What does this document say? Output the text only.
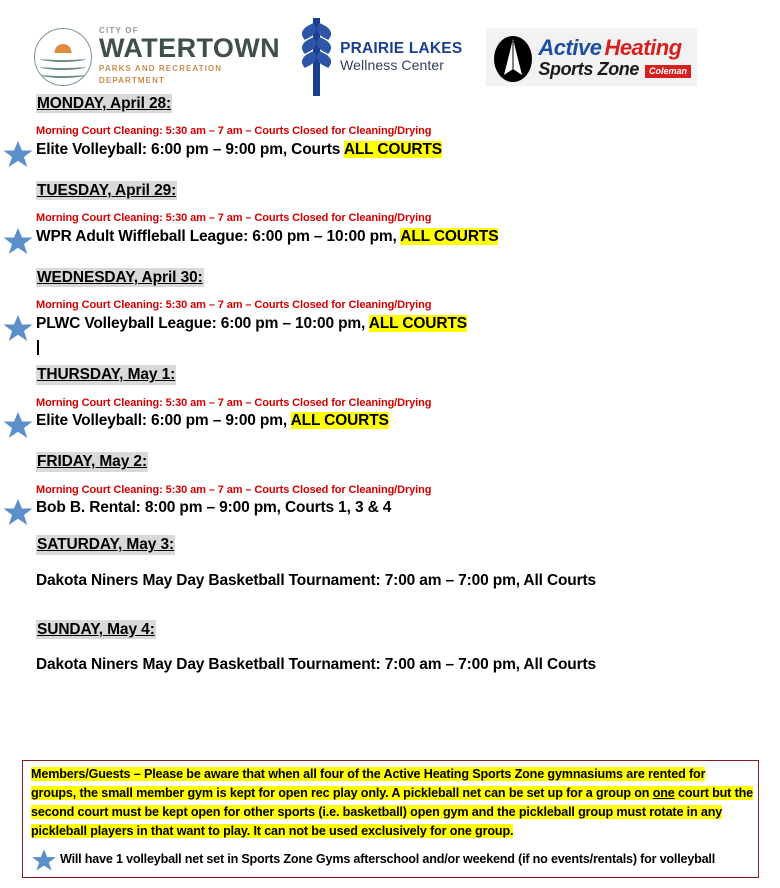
CITY OF
WATERTOWN
PARKS AND RECREATION
DEPARTMENT
PRAIRIE LAKES
Wellness Center
Active Heating
Sports Zone	Coleman
MONDAY, April 28:
Morning Court Cleaning: 5:30 am – 7 am – Courts Closed for Cleaning/Drying
Elite Volleyball: 6:00 pm – 9:00 pm, Courts ALL COURTS
TUESDAY, April 29:
Morning Court Cleaning: 5:30 am – 7 am – Courts Closed for Cleaning/Drying
WPR Adult Wiffleball League: 6:00 pm – 10:00 pm, ALL COURTS
WEDNESDAY, April 30:
Morning Court Cleaning: 5:30 am – 7 am – Courts Closed for Cleaning/Drying
PLWC Volleyball League: 6:00 pm – 10:00 pm, ALL COURTS
THURSDAY, May 1:
Morning Court Cleaning: 5:30 am – 7 am – Courts Closed for Cleaning/Drying
Elite Volleyball: 6:00 pm – 9:00 pm, ALL COURTS
FRIDAY, May 2:
Morning Court Cleaning: 5:30 am – 7 am – Courts Closed for Cleaning/Drying
Bob B. Rental: 8:00 pm – 9:00 pm, Courts 1, 3 & 4
SATURDAY, May 3:
Dakota Niners May Day Basketball Tournament: 7:00 am – 7:00 pm, All Courts
SUNDAY, May 4:
Dakota Niners May Day Basketball Tournament: 7:00 am – 7:00 pm, All Courts
Members/Guests – Please be aware that when all four of the Active Heating Sports Zone gymnasiums are rented for groups, the small member gym is kept for open rec play only. A pickleball net can be set up for a group on one court but the second court must be kept open for other sports (i.e. basketball) open gym and the pickleball group must rotate in any pickleball players in that want to play. It can not be used exclusively for one group.
Will have 1 volleyball net set in Sports Zone Gyms afterschool and/or weekend (if no events/rentals) for volleyball
